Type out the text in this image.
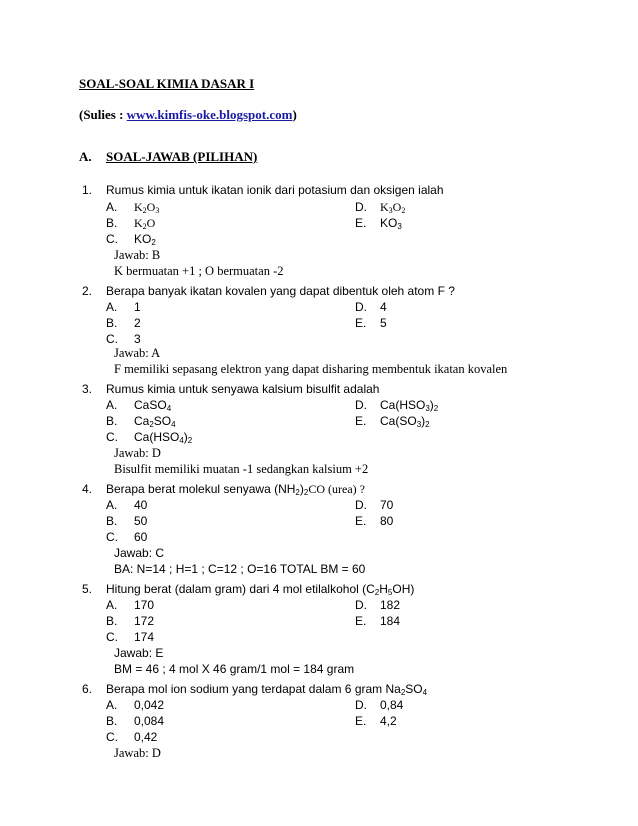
SOAL-SOAL KIMIA DASAR I
(Sulies : www.kimfis-oke.blogspot.com)
A. SOAL-JAWAB (PILIHAN)
1. Rumus kimia untuk ikatan ionik dari potasium dan oksigen ialah
A. $K_2O_3$	D. $K_3O_2$
B. $K_2O$	E. $KO_3$
C. $KO_2$
Jawab: B
K bermuatan +1 ; O bermuatan -2
2. Berapa banyak ikatan kovalen yang dapat dibentuk oleh atom F ?
A. 1	D. 4
B. 2	E. 5
C. 3
Jawab: A
F memiliki sepasang elektron yang dapat disharing membentuk ikatan kovalen
3. Rumus kimia untuk senyawa kalsium bisulfit adalah
A. CaSO$_4$	D. $Ca(HSO_3)_2$
B. $Ca_2SO_4$	E. $Ca(SO_3)_2$
C. $Ca(HSO_4)_2$
Jawab: D
Bisulfit memiliki muatan -1 sedangkan kalsium +2
4. Berapa berat molekul senyawa $(NH_2)_2CO$ (urea) ?
A. 40	D. 70
B. 50	E. 80
C. 60
Jawab: C
BA: N=14 ; H=1 ; C=12 ; O=16 TOTAL BM = 60
5. Hitung berat (dalam gram) dari 4 mol etilalkohol $(C_2H_5OH)$
A. 170	D. 182
B. 172	E. 184
C. 174
Jawab: E
BM = 46 ; 4 mol X 46 gram/1 mol = 184 gram
6. Berapa mol ion sodium yang terdapat dalam 6 gram $Na_2SO_4$
A. 0,042	D. 0,84
B. 0,084	E. 4,2
C. 0,42
Jawab: D
